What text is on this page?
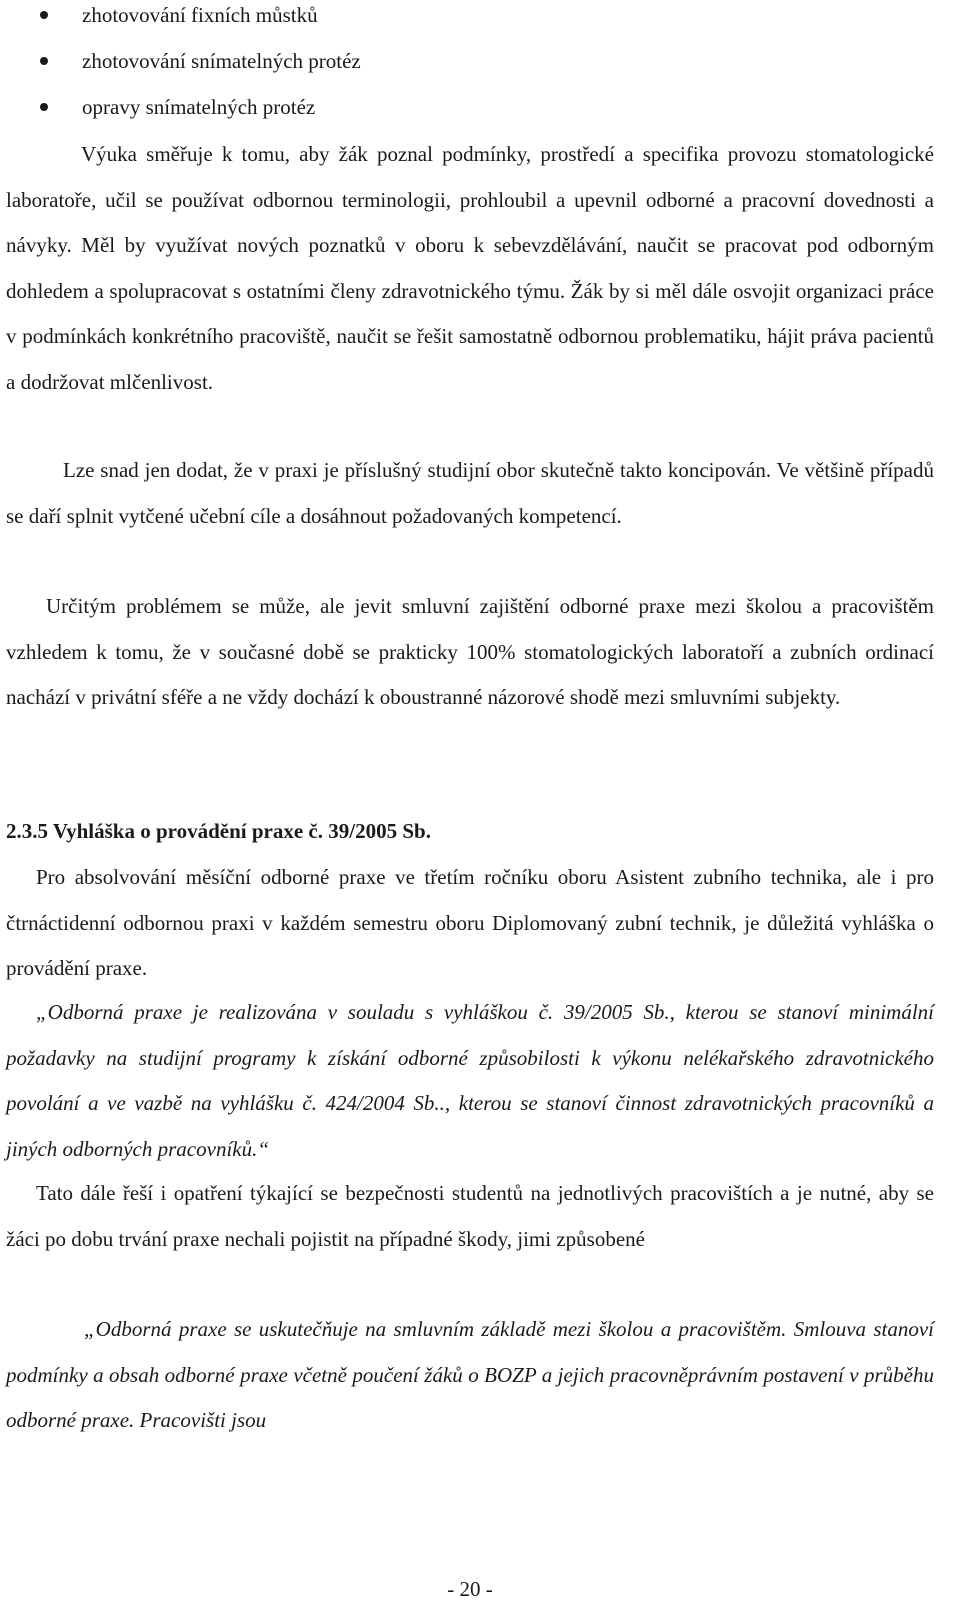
zhotovování fixních můstků
zhotovování snímatelných protéz
opravy snímatelných protéz

Výuka směřuje k tomu, aby žák poznal podmínky, prostředí a specifika provozu stomatologické laboratoře, učil se používat odbornou terminologii, prohloubil a upevnil odborné a pracovní dovednosti a návyky. Měl by využívat nových poznatků v oboru k sebevzdělávání, naučit se pracovat pod odborným dohledem a spolupracovat s ostatními členy zdravotnického týmu. Žák by si měl dále osvojit organizaci práce v podmínkách konkrétního pracoviště, naučit se řešit samostatně odbornou problematiku, hájit práva pacientů a dodržovat mlčenlivost.

Lze snad jen dodat, že v praxi je příslušný studijní obor skutečně takto koncipován. Ve většině případů se daří splnit vytčené učební cíle a dosáhnout požadovaných kompetencí.

Určitým problémem se může, ale jevit smluvní zajištění odborné praxe mezi školou a pracovištěm vzhledem k tomu, že v současné době se prakticky 100% stomatologických laboratoří a zubních ordinací nachází v privátní sféře a ne vždy dochází k oboustranné názorové shodě mezi smluvními subjekty.

2.3.5 Vyhláška o provádění praxe č. 39/2005 Sb.

Pro absolvování měsíční odborné praxe ve třetím ročníku oboru Asistent zubního technika, ale i pro čtrnáctidenní odbornou praxi v každém semestru oboru Diplomovaný zubní technik, je důležitá vyhláška o provádění praxe.

„Odborná praxe je realizována v souladu s vyhláškou č. 39/2005 Sb., kterou se stanoví minimální požadavky na studijní programy k získání odborné způsobilosti k výkonu nelékařského zdravotnického povolání a ve vazbě na vyhlášku č. 424/2004 Sb.., kterou se stanoví činnost zdravotnických pracovníků a jiných odborných pracovníků.“

Tato dále řeší i opatření týkající se bezpečnosti studentů na jednotlivých pracovištích a je nutné, aby se žáci po dobu trvání praxe nechali pojistit na případné škody, jimi způsobené

„Odborná praxe se uskutečňuje na smluvním základě mezi školou a pracovištěm. Smlouva stanoví podmínky a obsah odborné praxe včetně poučení žáků o BOZP a jejich pracovněprávním postavení v průběhu odborné praxe. Pracovišti jsou

- 20 -
